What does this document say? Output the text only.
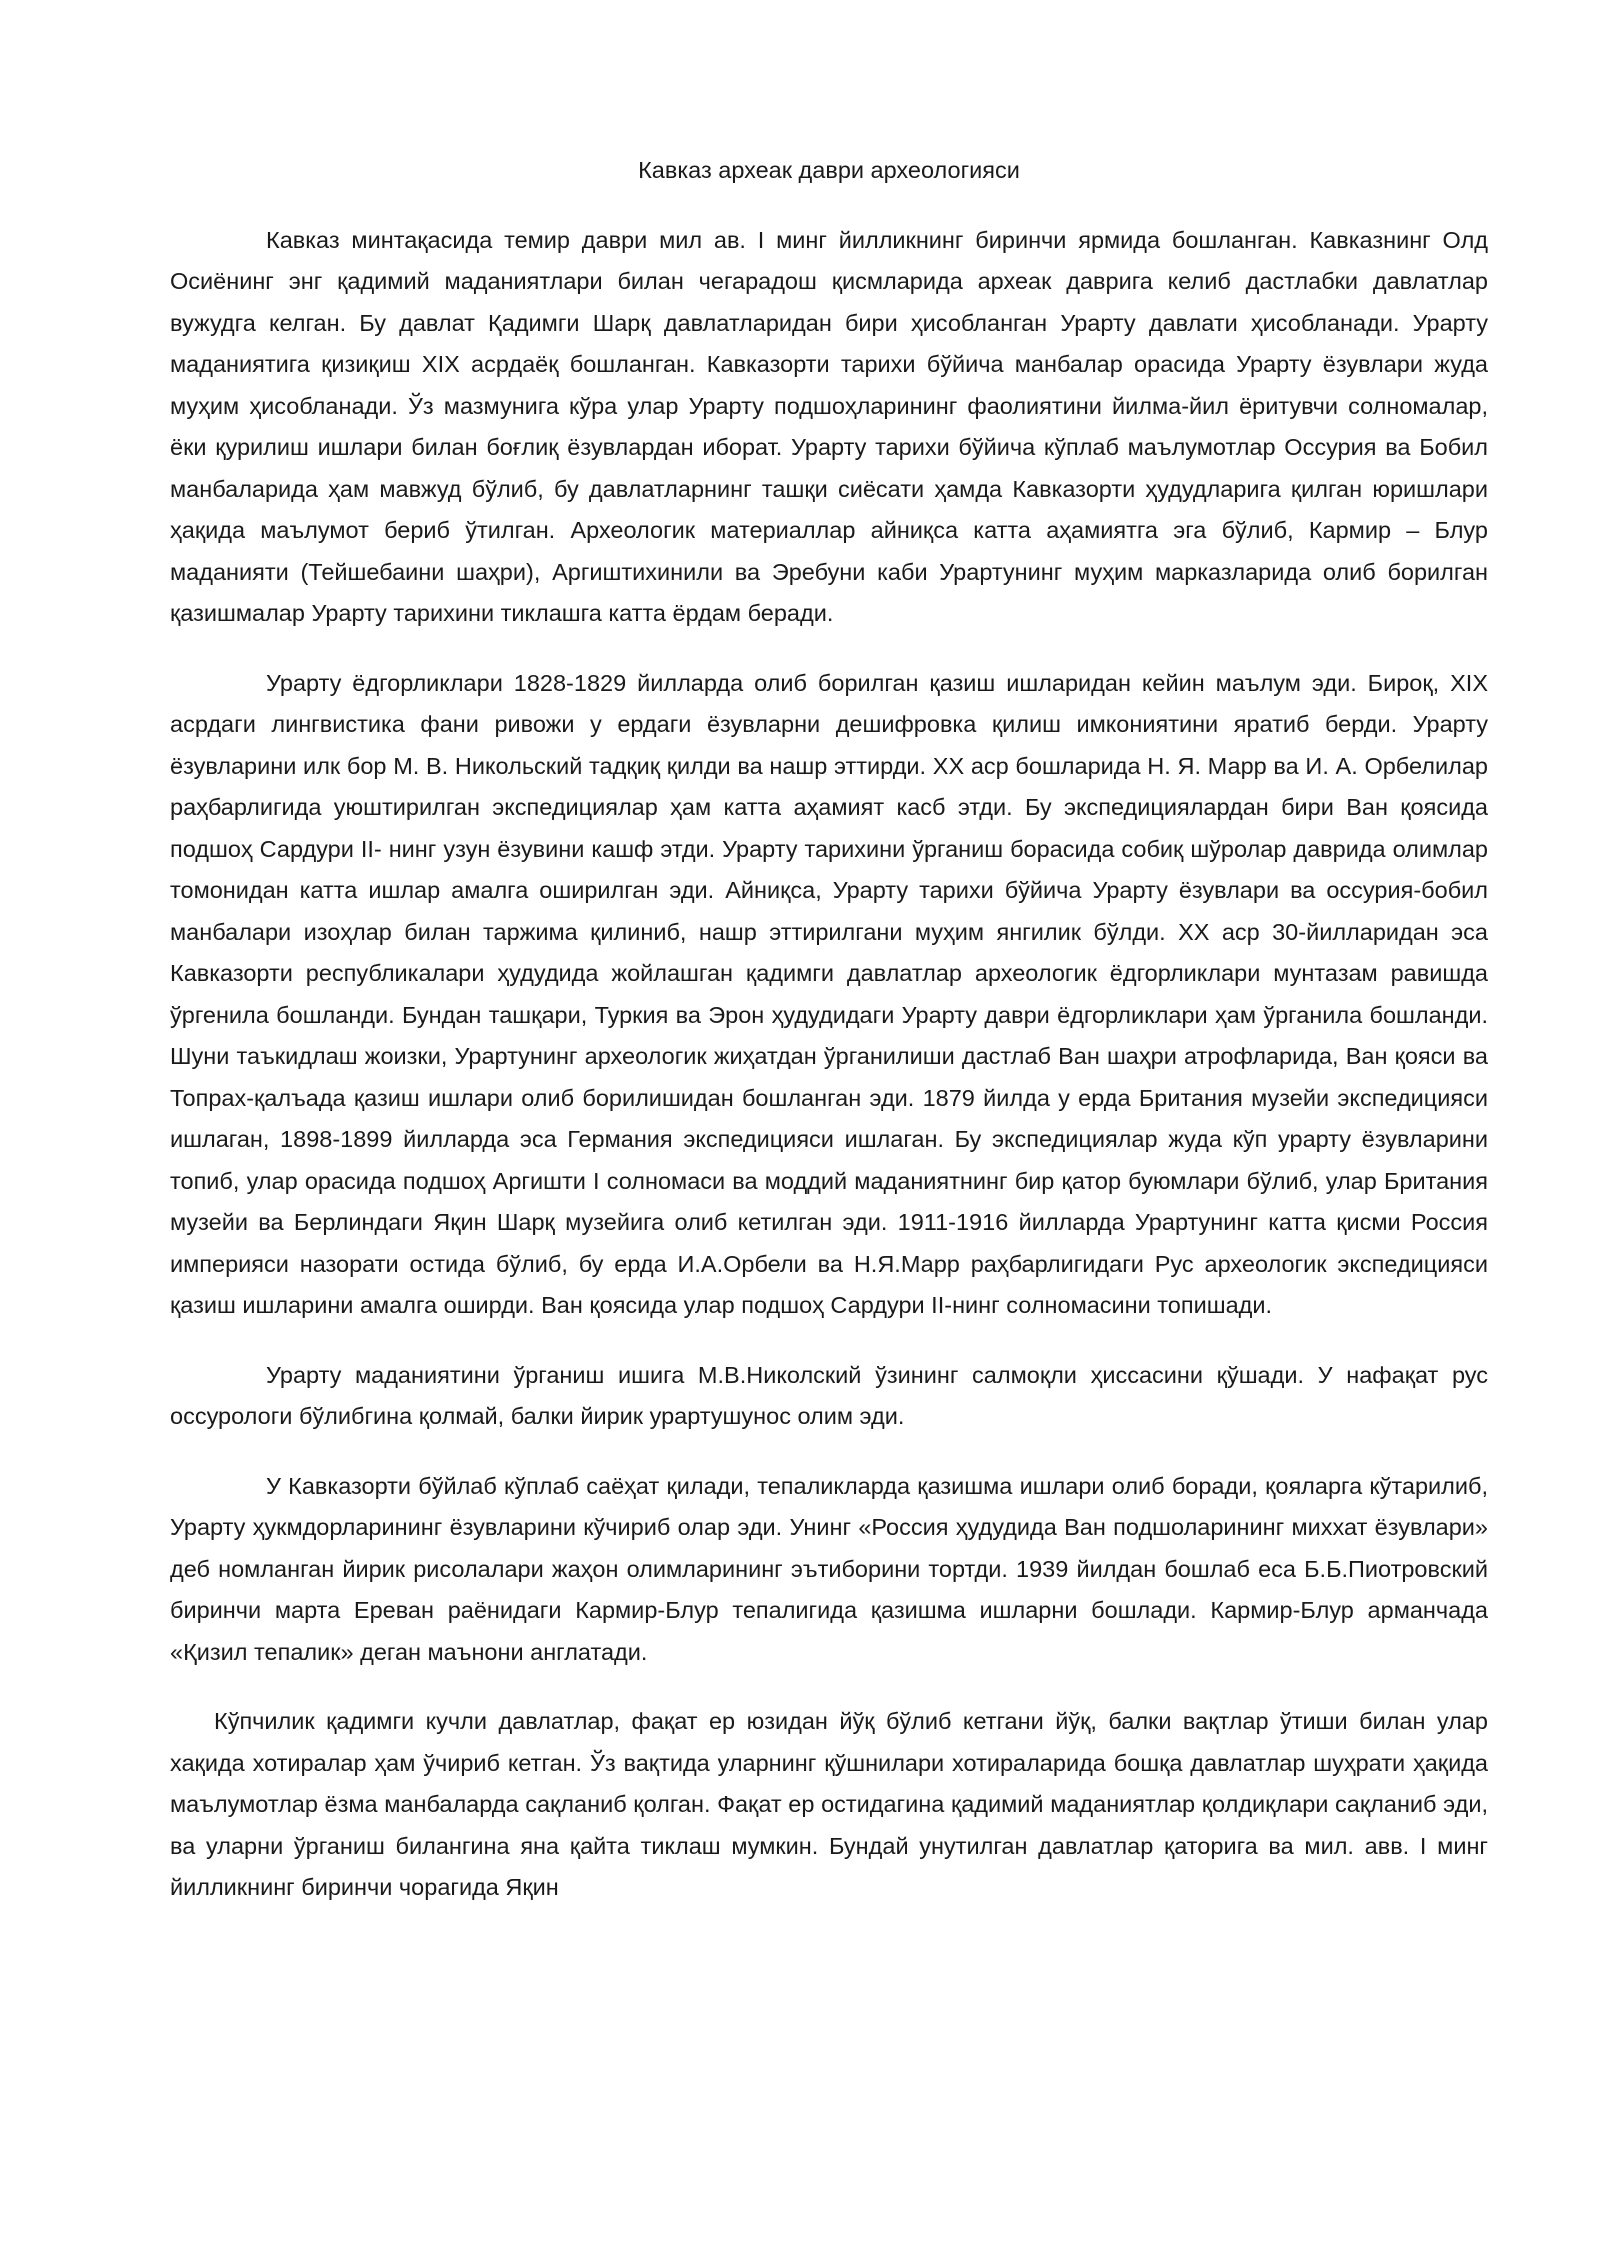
Кавказ археак даври археологияси

Кавказ минтақасида темир даври мил ав. I минг йилликнинг биринчи ярмида бошланган. Кавказнинг Олд Осиёнинг энг қадимий маданиятлари билан чегарадош қисмларида археак даврига келиб дастлабки давлатлар вужудга келган. Бу давлат Қадимги Шарқ давлатларидан бири ҳисобланган Урарту давлати ҳисобланади. Урарту маданиятига қизиқиш XIX асрдаёқ бошланган. Кавказорти тарихи бўйича манбалар орасида Урарту ёзувлари жуда муҳим ҳисобланади. Ўз мазмунига кўра улар Урарту подшоҳларининг фаолиятини йилма-йил ёритувчи солномалар, ёки қурилиш ишлари билан боғлиқ ёзувлардан иборат. Урарту тарихи бўйича кўплаб маълумотлар Оссурия ва Бобил манбаларида ҳам мавжуд бўлиб, бу давлатларнинг ташқи сиёсати ҳамда Кавказорти ҳудудларига қилган юришлари ҳақида маълумот бериб ўтилган. Археологик материаллар айниқса катта аҳамиятга эга бўлиб, Кармир – Блур маданияти (Тейшебаини шаҳри), Аргиштихинили ва Эребуни каби Урартунинг муҳим марказларида олиб борилган қазишмалар Урарту тарихини тиклашга катта ёрдам беради.

Урарту ёдгорликлари 1828-1829 йилларда олиб борилган қазиш ишларидан кейин маълум эди. Бироқ, XIX асрдаги лингвистика фани ривожи у ердаги ёзувларни дешифровка қилиш имкониятини яратиб берди. Урарту ёзувларини илк бор М. В. Никольский тадқиқ қилди ва нашр эттирди. XX аср бошларида Н. Я. Марр ва И. А. Орбелилар раҳбарлигида уюштирилган экспедициялар ҳам катта аҳамият касб этди. Бу экспедициялардан бири Ван қоясида подшоҳ Сардури II- нинг узун ёзувини кашф этди. Урарту тарихини ўрганиш борасида собиқ шўролар даврида олимлар томонидан катта ишлар амалга оширилган эди. Айниқса, Урарту тарихи бўйича Урарту ёзувлари ва оссурия-бобил манбалари изоҳлар билан таржима қилиниб, нашр эттирилгани муҳим янгилик бўлди. XX аср 30-йилларидан эса Кавказорти республикалари ҳудудида жойлашган қадимги давлатлар археологик ёдгорликлари мунтазам равишда ўргенила бошланди. Бундан ташқари, Туркия ва Эрон ҳудудидаги Урарту даври ёдгорликлари ҳам ўрганила бошланди. Шуни таъкидлаш жоизки, Урартунинг археологик жиҳатдан ўрганилиши дастлаб Ван шаҳри атрофларида, Ван қояси ва Топрах-қалъада қазиш ишлари олиб борилишидан бошланган эди. 1879 йилда у ерда Британия музейи экспедицияси ишлаган, 1898-1899 йилларда эса Германия экспедицияси ишлаган. Бу экспедициялар жуда кўп урарту ёзувларини топиб, улар орасида подшоҳ Аргишти I солномаси ва моддий маданиятнинг бир қатор буюмлари бўлиб, улар Британия музейи ва Берлиндаги Яқин Шарқ музейига олиб кетилган эди. 1911-1916 йилларда Урартунинг катта қисми Россия империяси назорати остида бўлиб, бу ерда И.А.Орбели ва Н.Я.Марр раҳбарлигидаги Рус археологик экспедицияси қазиш ишларини амалга оширди. Ван қоясида улар подшоҳ Сардури II-нинг солномасини топишади.

Урарту маданиятини ўрганиш ишига М.В.Николский ўзининг салмоқли ҳиссасини қўшади. У нафақат рус оссурологи бўлибгина қолмай, балки йирик урартушунос олим эди.

У Кавказорти бўйлаб кўплаб саёҳат қилади, тепаликларда қазишма ишлари олиб боради, қояларга кўтарилиб, Урарту ҳукмдорларининг ёзувларини кўчириб олар эди. Унинг «Россия ҳудудида Ван подшоларининг миххат ёзувлари» деб номланган йирик рисолалари жаҳон олимларининг эътиборини тортди. 1939 йилдан бошлаб еса Б.Б.Пиотровский биринчи марта Ереван раёнидаги Кармир-Блур тепалигида қазишма ишларни бошлади. Кармир-Блур арманчада «Қизил тепалик» деган маънони англатади.

Кўпчилик қадимги кучли давлатлар, фақат ер юзидан йўқ бўлиб кетгани йўқ, балки вақтлар ўтиши билан улар хақида хотиралар ҳам ўчириб кетган. Ўз вақтида уларнинг қўшнилари хотираларида бошқа давлатлар шуҳрати ҳақида маълумотлар ёзма манбаларда сақланиб қолган. Фақат ер остидагина қадимий маданиятлар қолдиқлари сақланиб эди, ва уларни ўрганиш билангина яна қайта тиклаш мумкин. Бундай унутилган давлатлар қаторига ва мил. авв. I минг йилликнинг биринчи чорагида Яқин
